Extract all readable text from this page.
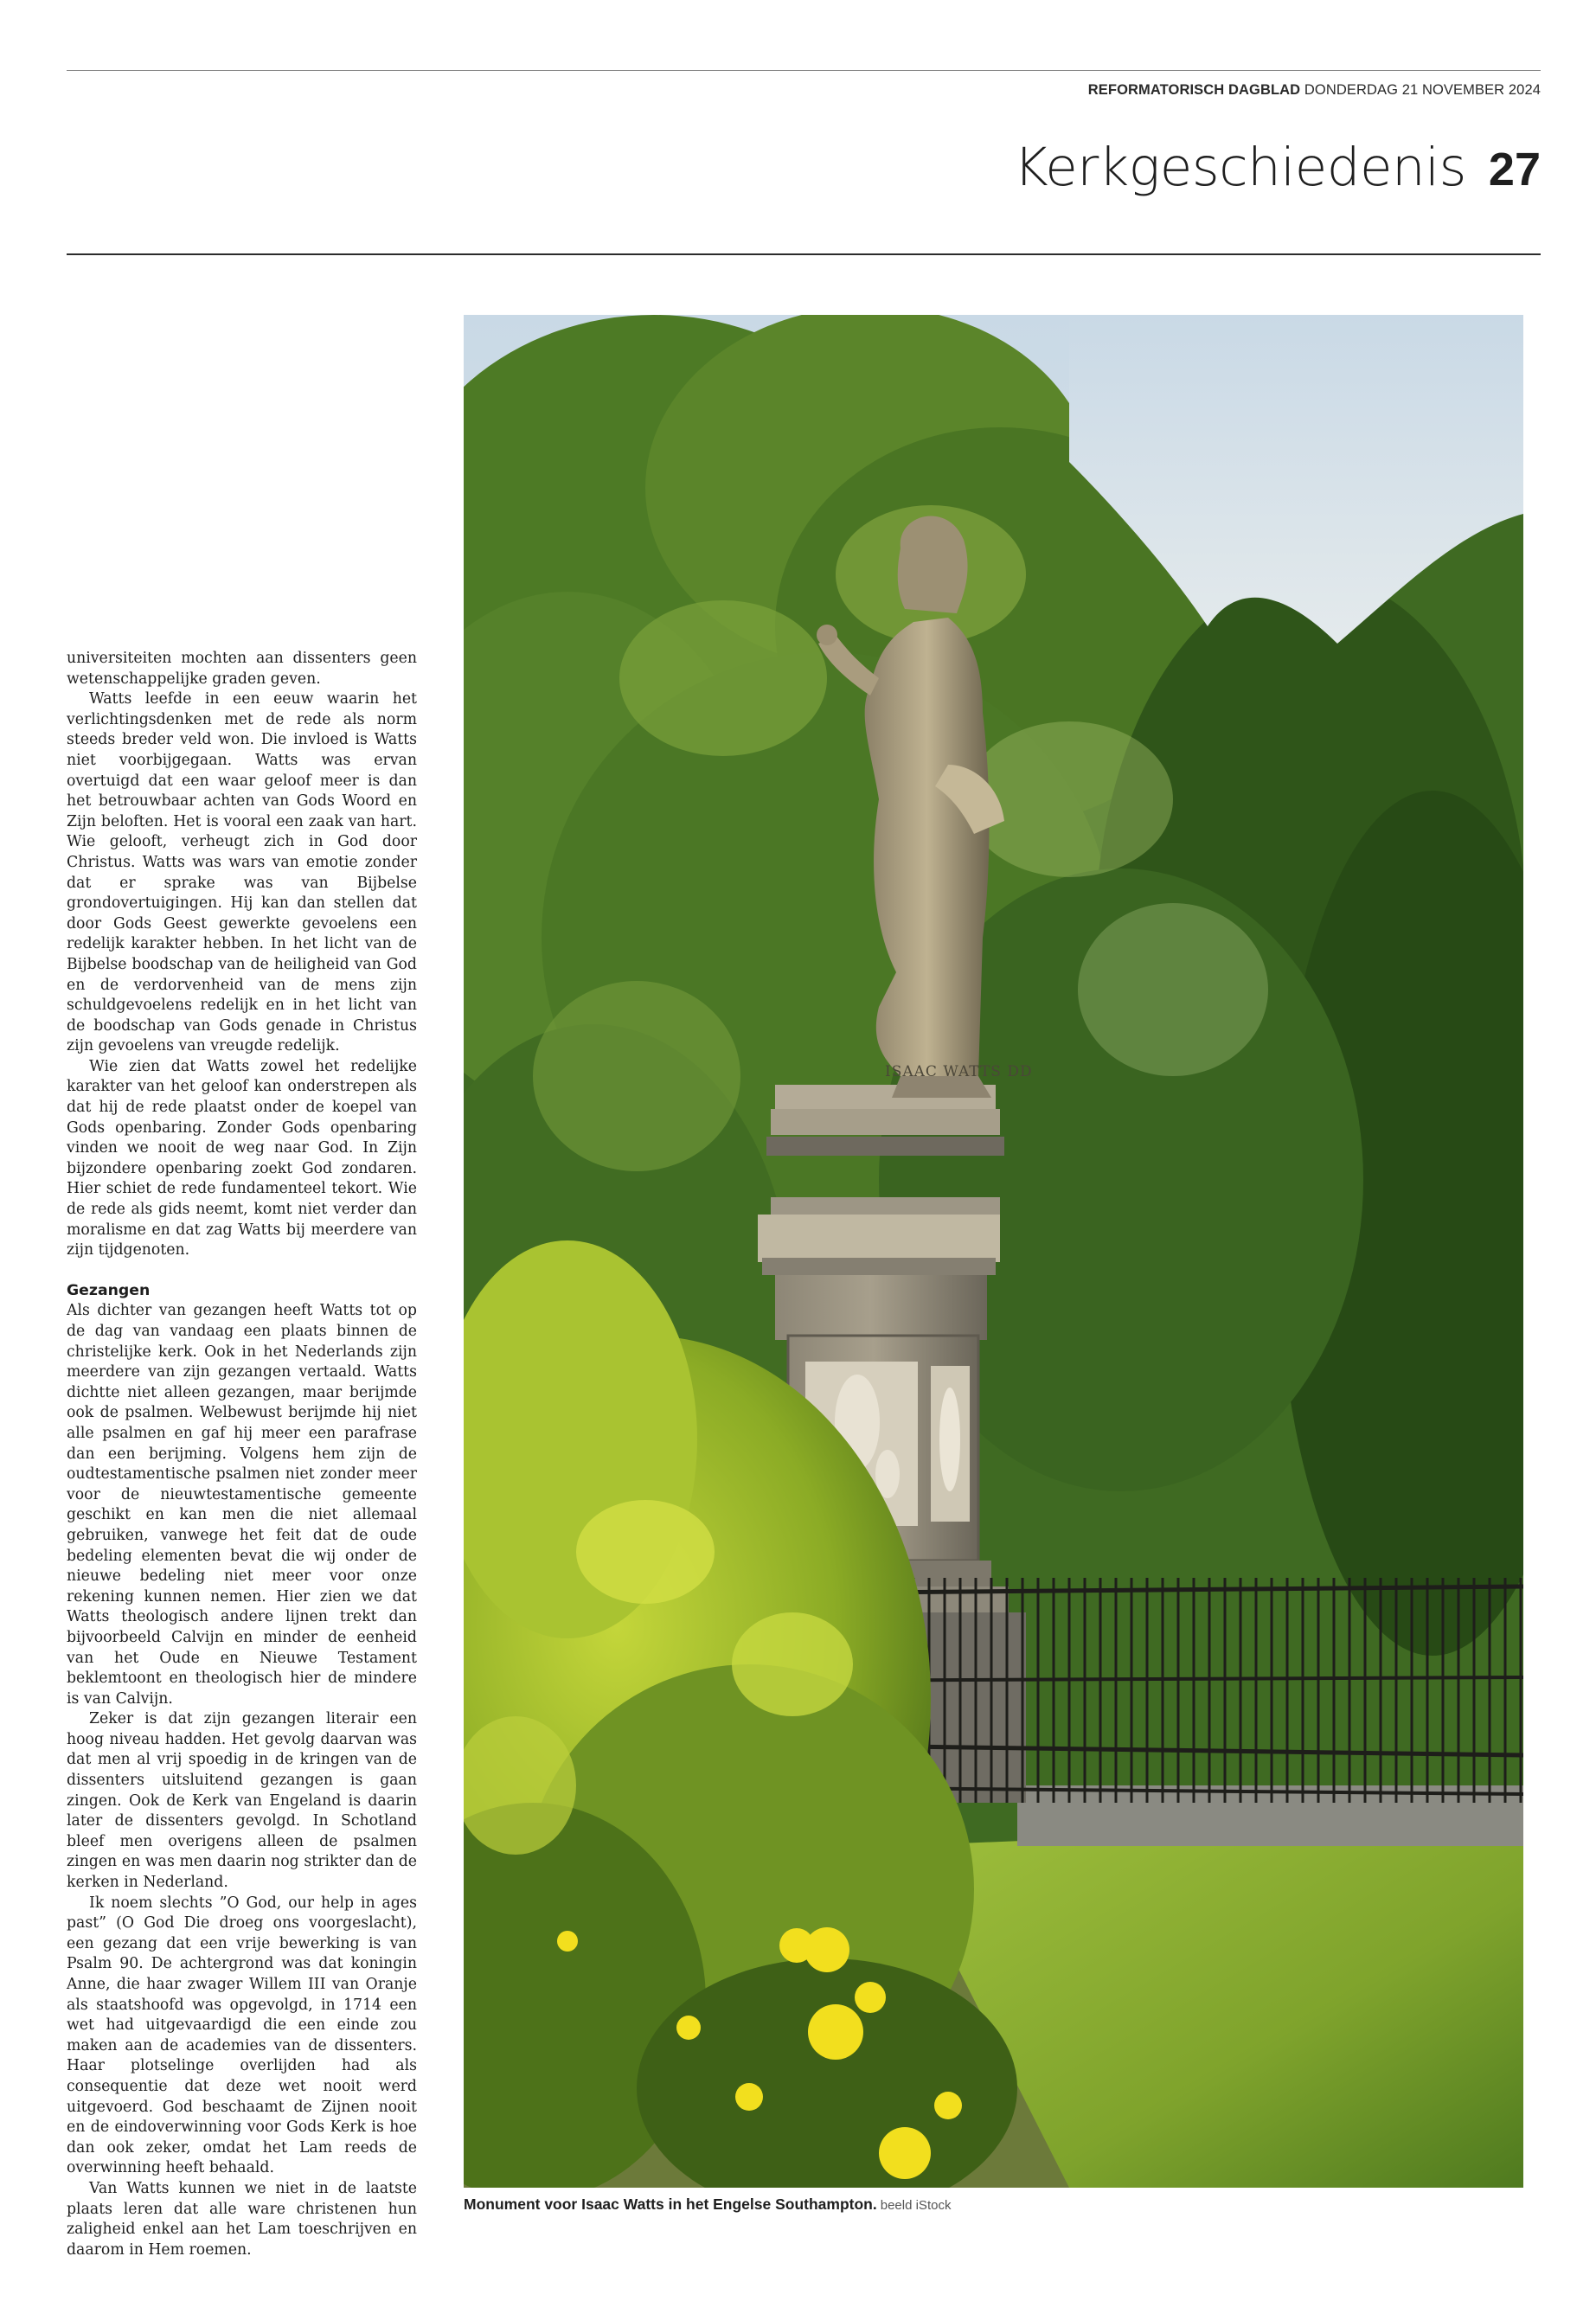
REFORMATORISCH DAGBLAD DONDERDAG 21 NOVEMBER 2024
Kerkgeschiedenis 27

universiteiten mochten aan dissenters geen wetenschappelijke graden geven.

Watts leefde in een eeuw waarin het verlichtingsdenken met de rede als norm steeds breder veld won. Die invloed is Watts niet voorbijgegaan. Watts was ervan overtuigd dat een waar geloof meer is dan het betrouwbaar achten van Gods Woord en Zijn beloften. Het is vooral een zaak van hart. Wie gelooft, verheugt zich in God door Christus. Watts was wars van emotie zonder dat er sprake was van Bijbelse grondovertuigingen. Hij kan dan stellen dat door Gods Geest gewerkte gevoelens een redelijk karakter hebben. In het licht van de Bijbelse boodschap van de heiligheid van God en de verdorvenheid van de mens zijn schuldgevoelens redelijk en in het licht van de boodschap van Gods genade in Christus zijn gevoelens van vreugde redelijk.

Wie zien dat Watts zowel het redelijke karakter van het geloof kan onderstrepen als dat hij de rede plaatst onder de koepel van Gods openbaring. Zonder Gods openbaring vinden we nooit de weg naar God. In Zijn bijzondere openbaring zoekt God zondaren. Hier schiet de rede fundamenteel tekort. Wie de rede als gids neemt, komt niet verder dan moralisme en dat zag Watts bij meerdere van zijn tijdgenoten.

Gezangen

Als dichter van gezangen heeft Watts tot op de dag van vandaag een plaats binnen de christelijke kerk. Ook in het Nederlands zijn meerdere van zijn gezangen vertaald. Watts dichtte niet alleen gezangen, maar berijmde ook de psalmen. Welbewust berijmde hij niet alle psalmen en gaf hij meer een parafrase dan een berijming. Volgens hem zijn de oudtestamentische psalmen niet zonder meer voor de nieuwtestamentische gemeente geschikt en kan men die niet allemaal gebruiken, vanwege het feit dat de oude bedeling elementen bevat die wij onder de nieuwe bedeling niet meer voor onze rekening kunnen nemen. Hier zien we dat Watts theologisch andere lijnen trekt dan bijvoorbeeld Calvijn en minder de eenheid van het Oude en Nieuwe Testament beklemtoont en theologisch hier de mindere is van Calvijn.

Zeker is dat zijn gezangen literair een hoog niveau hadden. Het gevolg daarvan was dat men al vrij spoedig in de kringen van de dissenters uitsluitend gezangen is gaan zingen. Ook de Kerk van Engeland is daarin later de dissenters gevolgd. In Schotland bleef men overigens alleen de psalmen zingen en was men daarin nog strikter dan de kerken in Nederland.

Ik noem slechts ”O God, our help in ages past” (O God Die droeg ons voorgeslacht), een gezang dat een vrije bewerking is van Psalm 90. De achtergrond was dat koningin Anne, die haar zwager Willem III van Oranje als staatshoofd was opgevolgd, in 1714 een wet had uitgevaardigd die een einde zou maken aan de academies van de dissenters. Haar plotselinge overlijden had als consequentie dat deze wet nooit werd uitgevoerd. God beschaamt de Zijnen nooit en de eindoverwinning voor Gods Kerk is hoe dan ook zeker, omdat het Lam reeds de overwinning heeft behaald.

Van Watts kunnen we niet in de laatste plaats leren dat alle ware christenen hun zaligheid enkel aan het Lam toeschrijven en daarom in Hem roemen.

ISAAC WATTS DD
Monument voor Isaac Watts in het Engelse Southampton. beeld iStock
